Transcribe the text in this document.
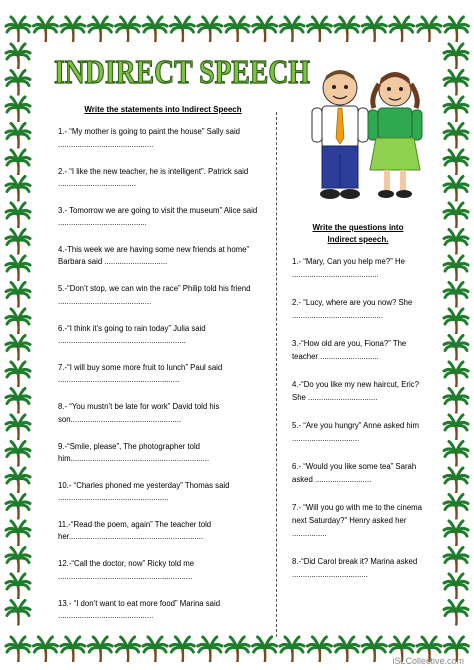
INDIRECT SPEECH
Write the statements into Indirect Speech
1.- “My mother is going to paint the house” Sally said ............................................
2.- “I like the new teacher, he is intelligent”. Patrick said ....................................
3.- Tomorrow we are going to visit the museum” Alice said .........................................
4.-This week we are having some new friends at home” Barbara said .............................
5.-“Don’t stop, we can win the race” Philip told his friend ...........................................
6.-“I think it’s going to rain today” Julia said ...........................................................
7.-“I will buy some more fruit to lunch” Paul said ........................................................
8.- “You mustn’t be late for work” David told his son...................................................
9.-“Smile, please”, The photographer told him................................................................
10.- “Charles phoned me yesterday” Thomas said ...................................................
11.-“Read the poem, again” The teacher told her..............................................................
12.-“Call the doctor, now” Ricky told me ..............................................................
13.- “I don’t want to eat more food” Marina said ............................................
Write the questions into
Indirect speech.
1.- “Mary, Can you help me?” He ........................................
2.- “Lucy, where are you now? She ..........................................
3.-“How old are you, Fiona?” The teacher ...........................
4.-“Do you like my new haircut, Eric? She ................................
5.- “Are you hungry” Anne asked him ...............................
6.- “Would you like some tea” Sarah asked ..........................
7.- “Will you go with me to the cinema next Saturday?” Henry asked her ................
8.-“Did Carol break it? Marina asked ...................................
iSLCollective.com
